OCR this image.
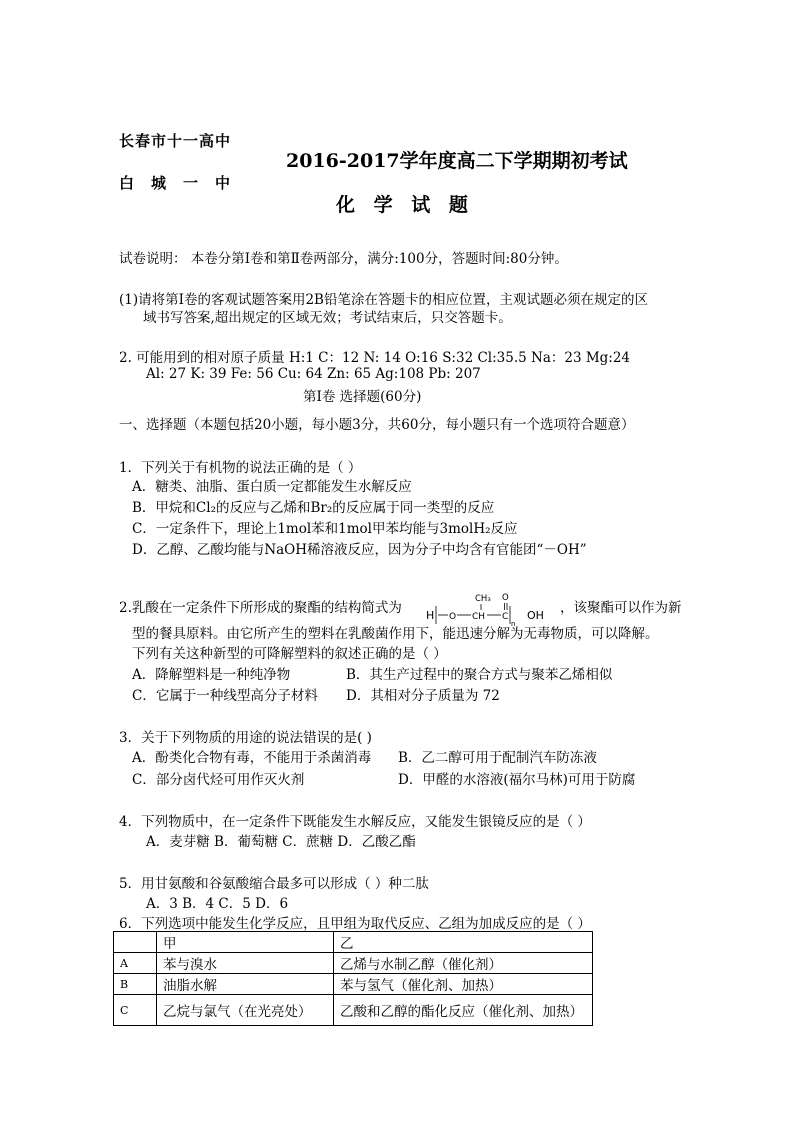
长春市十一高中
2016-2017学年度高二下学期期初考试
白　城　一　中
化 学 试 题
试卷说明： 本卷分第Ⅰ卷和第Ⅱ卷两部分，满分:100分，答题时间:80分钟。
(1)请将第Ⅰ卷的客观试题答案用2B铅笔涂在答题卡的相应位置，主观试题必须在规定的区
域书写答案,超出规定的区域无效；考试结束后，只交答题卡。
2. 可能用到的相对原子质量 H:1 C：12 N: 14 O:16 S:32 Cl:35.5 Na：23 Mg:24
Al: 27 K: 39 Fe: 56 Cu: 64 Zn: 65 Ag:108 Pb: 207
第Ⅰ卷 选择题(60分)
一、选择题（本题包括20小题，每小题3分，共60分，每小题只有一个选项符合题意）
1．下列关于有机物的说法正确的是（ ）
A．糖类、油脂、蛋白质一定都能发生水解反应
B．甲烷和Cl₂的反应与乙烯和Br₂的反应属于同一类型的反应
C．一定条件下，理论上1mol苯和1mol甲苯均能与3molH₂反应
D．乙醇、乙酸均能与NaOH稀溶液反应，因为分子中均含有官能团“－OH”
2.乳酸在一定条件下所形成的聚酯的结构简式为
CH₃ O
H O CH C
n
OH ，该聚酯可以作为新
型的餐具原料。由它所产生的塑料在乳酸菌作用下，能迅速分解为无毒物质，可以降解。
下列有关这种新型的可降解塑料的叙述正确的是（ ）
A．降解塑料是一种纯净物	B．其生产过程中的聚合方式与聚苯乙烯相似
C．它属于一种线型高分子材料 D．其相对分子质量为 72
3．关于下列物质的用途的说法错误的是( )
A．酚类化合物有毒，不能用于杀菌消毒 B．乙二醇可用于配制汽车防冻液
C．部分卤代烃可用作灭火剂	D．甲醛的水溶液(福尔马林)可用于防腐
4．下列物质中，在一定条件下既能发生水解反应，又能发生银镜反应的是（ ）
A．麦芽糖 B．葡萄糖 C．蔗糖 D．乙酸乙酯
5．用甘氨酸和谷氨酸缩合最多可以形成（ ）种二肽
A．3 B．4 C．5 D．6
6．下列选项中能发生化学反应，且甲组为取代反应、乙组为加成反应的是（ ）
	甲	乙
A	苯与溴水	乙烯与水制乙醇（催化剂）
B	油脂水解	苯与氢气（催化剂、加热）
C	乙烷与氯气（在光亮处）	乙酸和乙醇的酯化反应（催化剂、加热）
